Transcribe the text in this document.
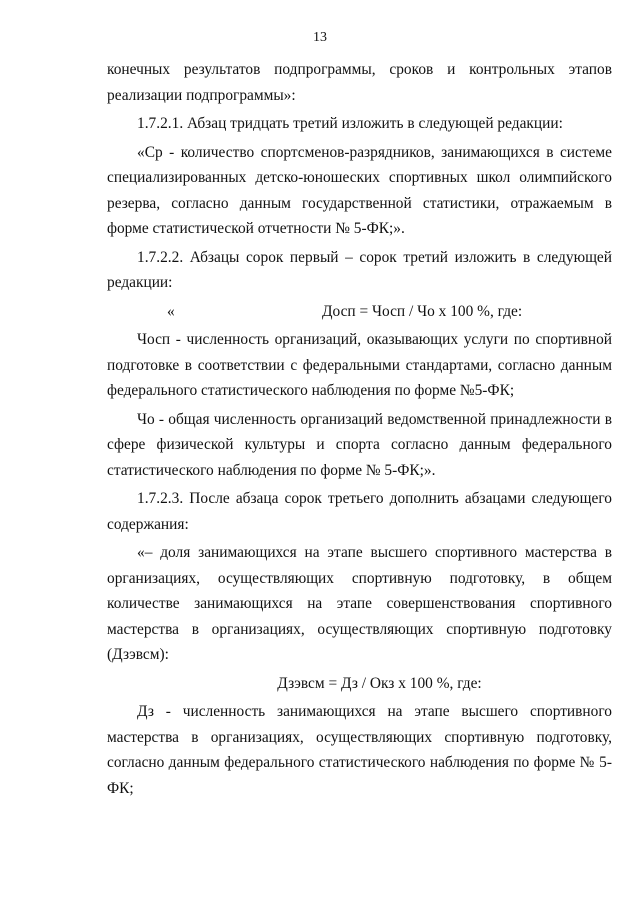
13

конечных результатов подпрограммы, сроков и контрольных этапов реализации подпрограммы»:

1.7.2.1. Абзац тридцать третий изложить в следующей редакции:

«Ср - количество спортсменов-разрядников, занимающихся в системе специализированных детско-юношеских спортивных школ олимпийского резерва, согласно данным государственной статистики, отражаемым в форме статистической отчетности № 5-ФК;».

1.7.2.2. Абзацы сорок первый – сорок третий изложить в следующей редакции:

«	Досп = Чосп / Чо х 100 %, где:

Чосп - численность организаций, оказывающих услуги по спортивной подготовке в соответствии с федеральными стандартами, согласно данным федерального статистического наблюдения по форме №5-ФК;

Чо - общая численность организаций ведомственной принадлежности в сфере физической культуры и спорта согласно данным федерального статистического наблюдения по форме № 5-ФК;».

1.7.2.3. После абзаца сорок третьего дополнить абзацами следующего содержания:

«– доля занимающихся на этапе высшего спортивного мастерства в организациях, осуществляющих спортивную подготовку, в общем количестве занимающихся на этапе совершенствования спортивного мастерства в организациях, осуществляющих спортивную подготовку (Дзэвсм):

Дзэвсм = Дз / Окз х 100 %, где:

Дз - численность занимающихся на этапе высшего спортивного мастерства в организациях, осуществляющих спортивную подготовку, согласно данным федерального статистического наблюдения по форме № 5-ФК;
